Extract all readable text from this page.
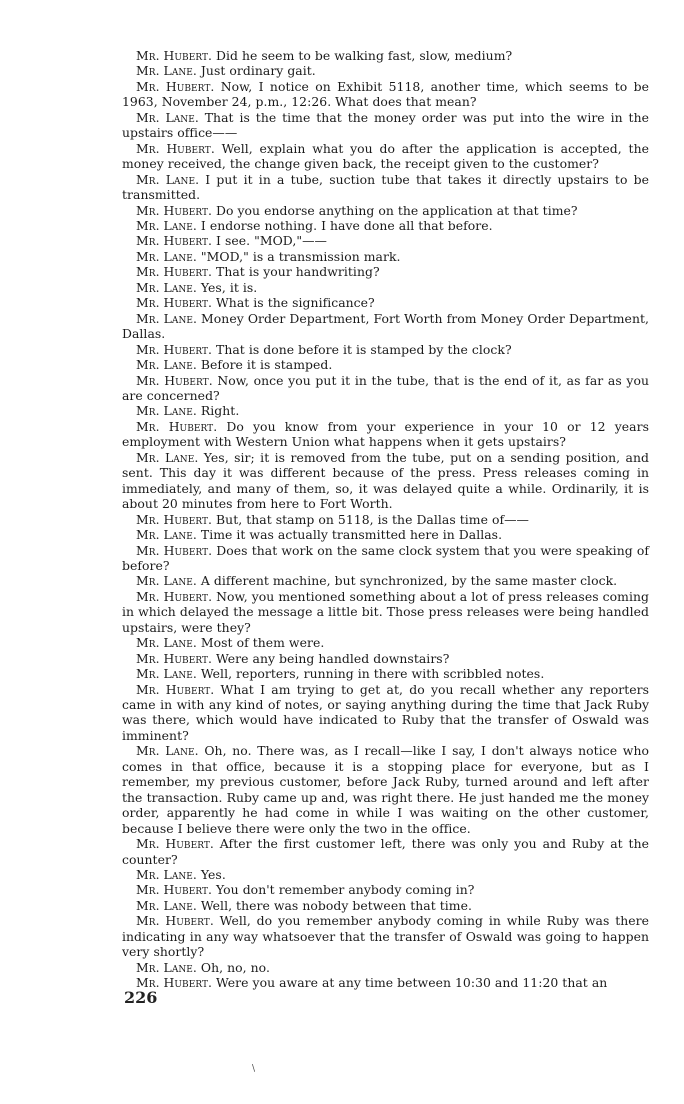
Mr. Hubert. Did he seem to be walking fast, slow, medium?

Mr. Lane. Just ordinary gait.

Mr. Hubert. Now, I notice on Exhibit 5118, another time, which seems to be 1963, November 24, p.m., 12:26. What does that mean?

Mr. Lane. That is the time that the money order was put into the wire in the upstairs office——

Mr. Hubert. Well, explain what you do after the application is accepted, the money received, the change given back, the receipt given to the customer?

Mr. Lane. I put it in a tube, suction tube that takes it directly upstairs to be transmitted.

Mr. Hubert. Do you endorse anything on the application at that time?

Mr. Lane. I endorse nothing. I have done all that before.

Mr. Hubert. I see. "MOD,"——

Mr. Lane. "MOD," is a transmission mark.

Mr. Hubert. That is your handwriting?

Mr. Lane. Yes, it is.

Mr. Hubert. What is the significance?

Mr. Lane. Money Order Department, Fort Worth from Money Order Department, Dallas.

Mr. Hubert. That is done before it is stamped by the clock?

Mr. Lane. Before it is stamped.

Mr. Hubert. Now, once you put it in the tube, that is the end of it, as far as you are concerned?

Mr. Lane. Right.

Mr. Hubert. Do you know from your experience in your 10 or 12 years employment with Western Union what happens when it gets upstairs?

Mr. Lane. Yes, sir; it is removed from the tube, put on a sending position, and sent. This day it was different because of the press. Press releases coming in immediately, and many of them, so, it was delayed quite a while. Ordinarily, it is about 20 minutes from here to Fort Worth.

Mr. Hubert. But, that stamp on 5118, is the Dallas time of——

Mr. Lane. Time it was actually transmitted here in Dallas.

Mr. Hubert. Does that work on the same clock system that you were speaking of before?

Mr. Lane. A different machine, but synchronized, by the same master clock.

Mr. Hubert. Now, you mentioned something about a lot of press releases coming in which delayed the message a little bit. Those press releases were being handled upstairs, were they?

Mr. Lane. Most of them were.

Mr. Hubert. Were any being handled downstairs?

Mr. Lane. Well, reporters, running in there with scribbled notes.

Mr. Hubert. What I am trying to get at, do you recall whether any reporters came in with any kind of notes, or saying anything during the time that Jack Ruby was there, which would have indicated to Ruby that the transfer of Oswald was imminent?

Mr. Lane. Oh, no. There was, as I recall—like I say, I don't always notice who comes in that office, because it is a stopping place for everyone, but as I remember, my previous customer, before Jack Ruby, turned around and left after the transaction. Ruby came up and, was right there. He just handed me the money order, apparently he had come in while I was waiting on the other customer, because I believe there were only the two in the office.

Mr. Hubert. After the first customer left, there was only you and Ruby at the counter?

Mr. Lane. Yes.

Mr. Hubert. You don't remember anybody coming in?

Mr. Lane. Well, there was nobody between that time.

Mr. Hubert. Well, do you remember anybody coming in while Ruby was there indicating in any way whatsoever that the transfer of Oswald was going to happen very shortly?

Mr. Lane. Oh, no, no.

Mr. Hubert. Were you aware at any time between 10:30 and 11:20 that an

226
\
